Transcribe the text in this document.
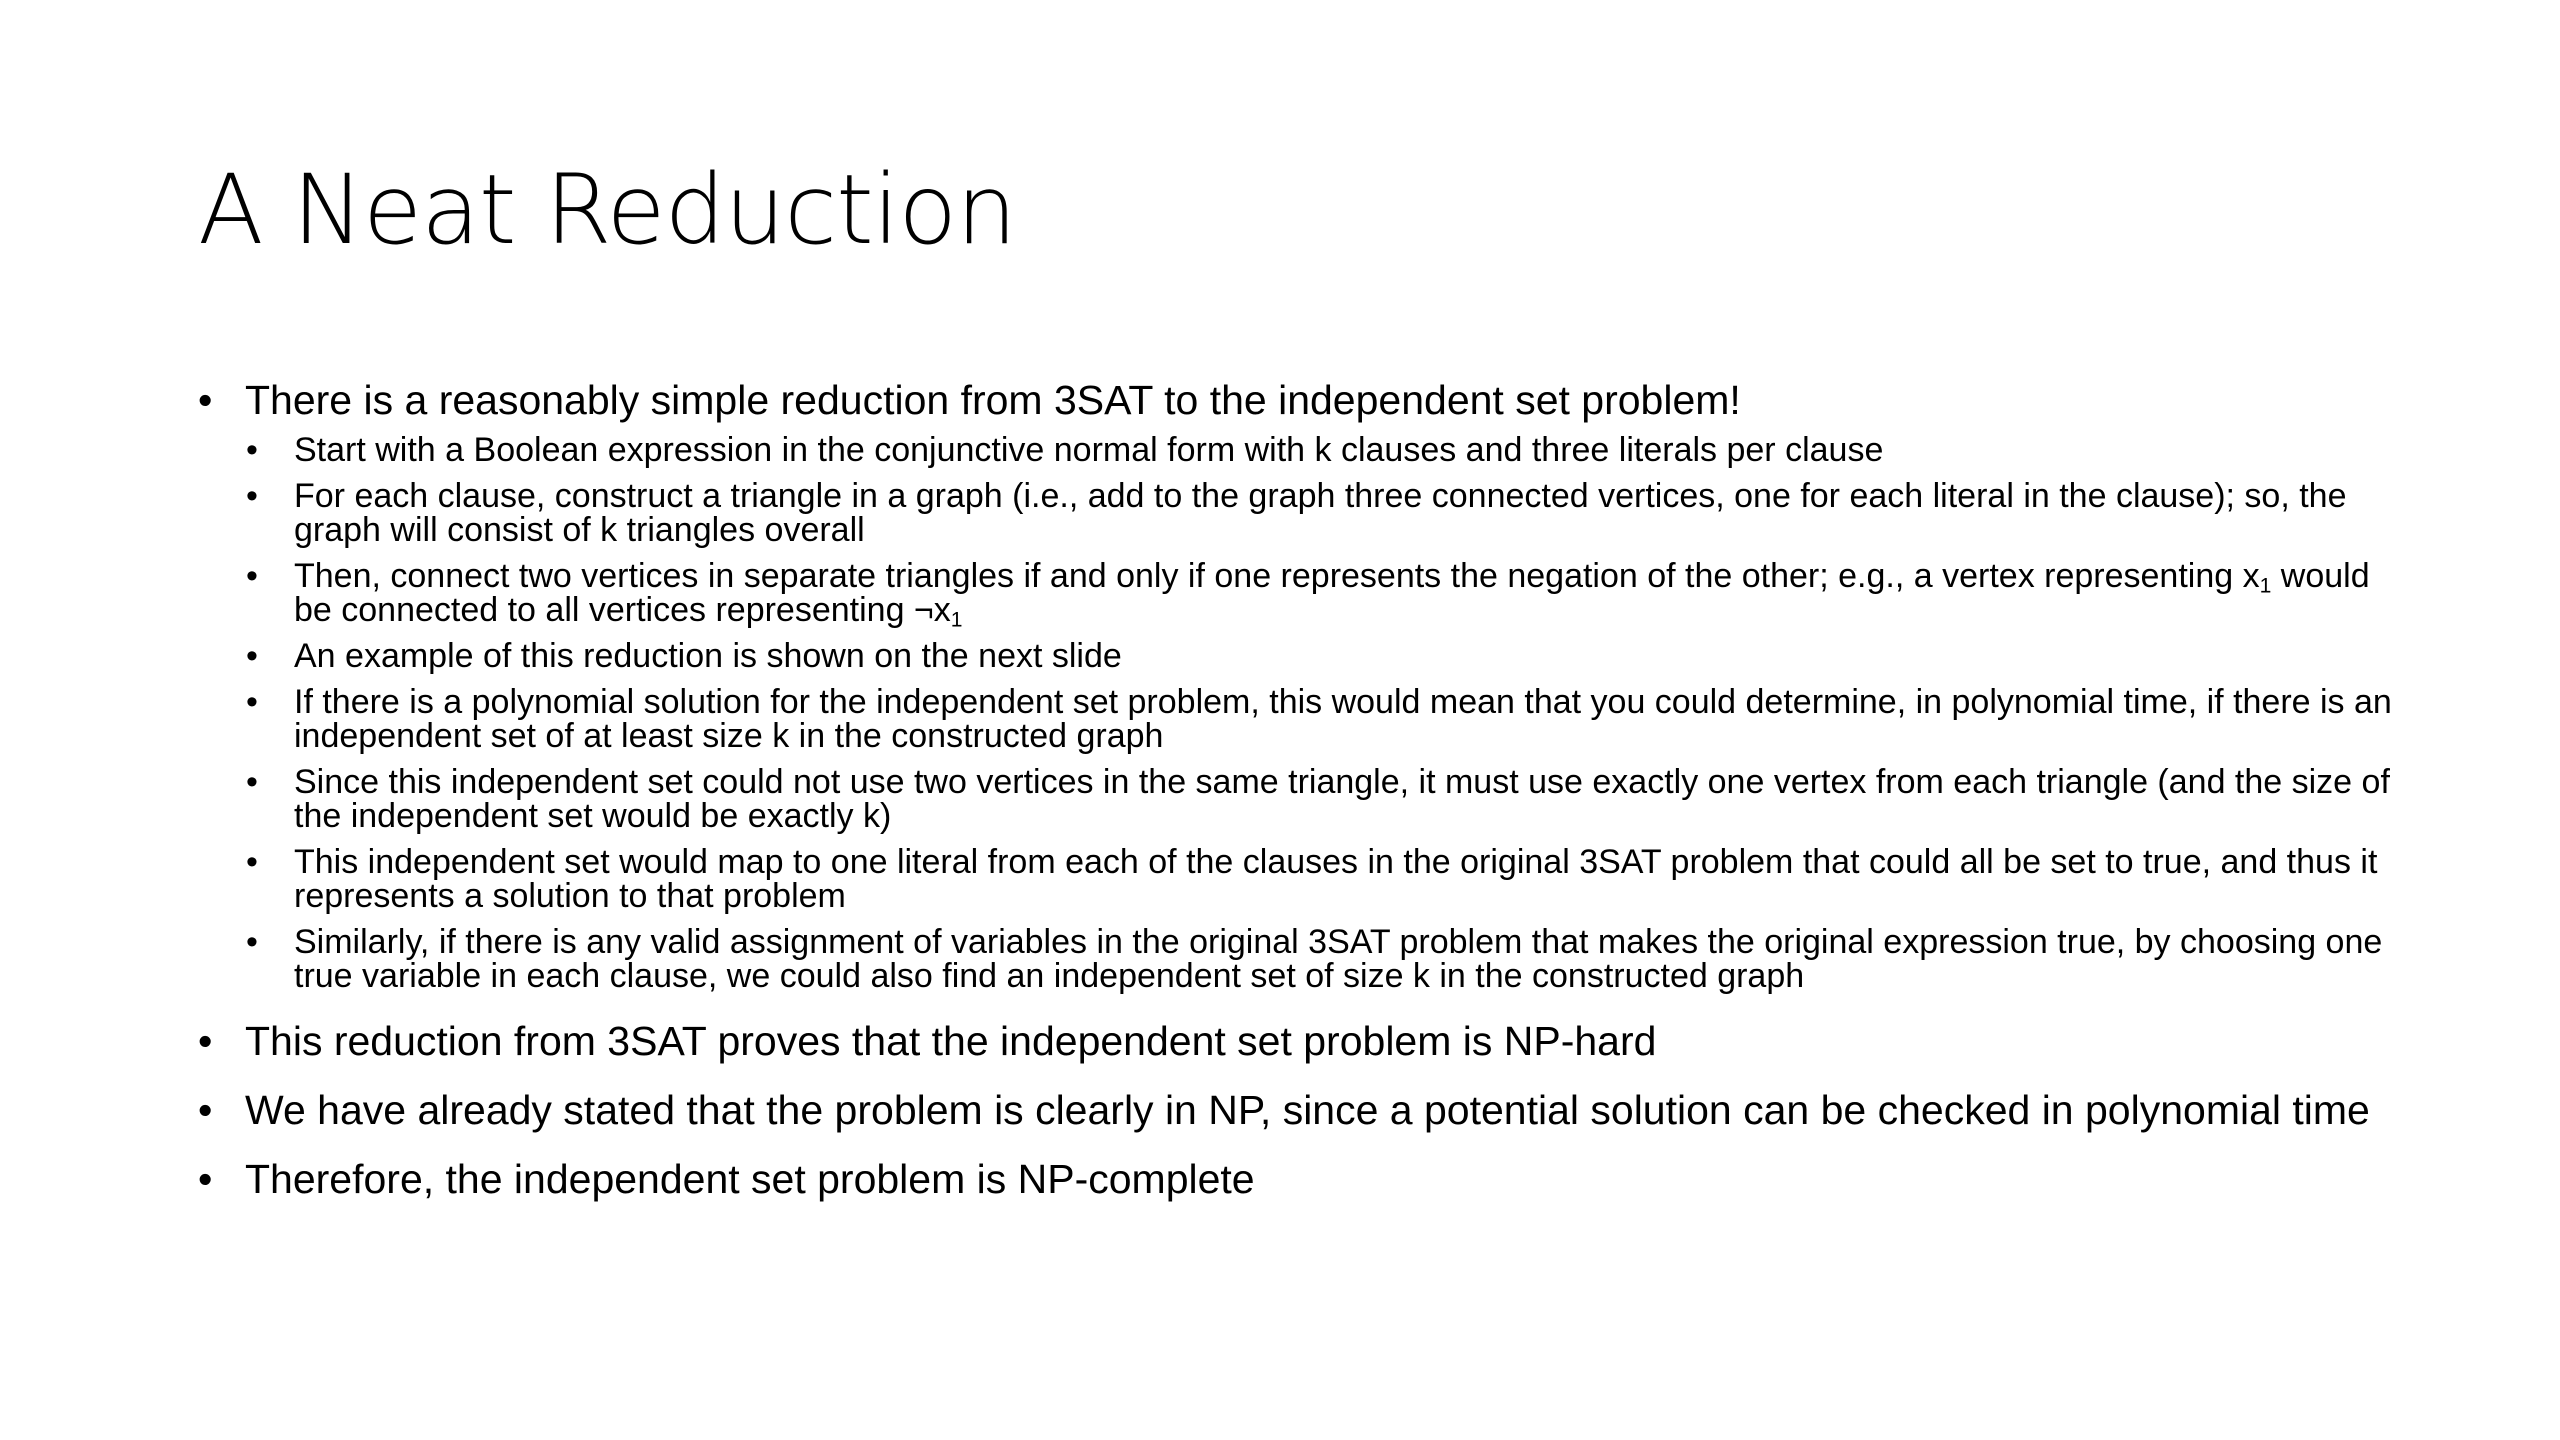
A Neat Reduction
• There is a reasonably simple reduction from 3SAT to the independent set problem!
• Start with a Boolean expression in the conjunctive normal form with k clauses and three literals per clause
• For each clause, construct a triangle in a graph (i.e., add to the graph three connected vertices, one for each literal in the clause); so, the graph will consist of k triangles overall
• Then, connect two vertices in separate triangles if and only if one represents the negation of the other; e.g., a vertex representing $x_1$ would be connected to all vertices representing $\neg x_1$
• An example of this reduction is shown on the next slide
• If there is a polynomial solution for the independent set problem, this would mean that you could determine, in polynomial time, if there is an independent set of at least size k in the constructed graph
• Since this independent set could not use two vertices in the same triangle, it must use exactly one vertex from each triangle (and the size of the independent set would be exactly k)
• This independent set would map to one literal from each of the clauses in the original 3SAT problem that could all be set to true, and thus it represents a solution to that problem
• Similarly, if there is any valid assignment of variables in the original 3SAT problem that makes the original expression true, by choosing one true variable in each clause, we could also find an independent set of size k in the constructed graph
• This reduction from 3SAT proves that the independent set problem is NP-hard
• We have already stated that the problem is clearly in NP, since a potential solution can be checked in polynomial time
• Therefore, the independent set problem is NP-complete
